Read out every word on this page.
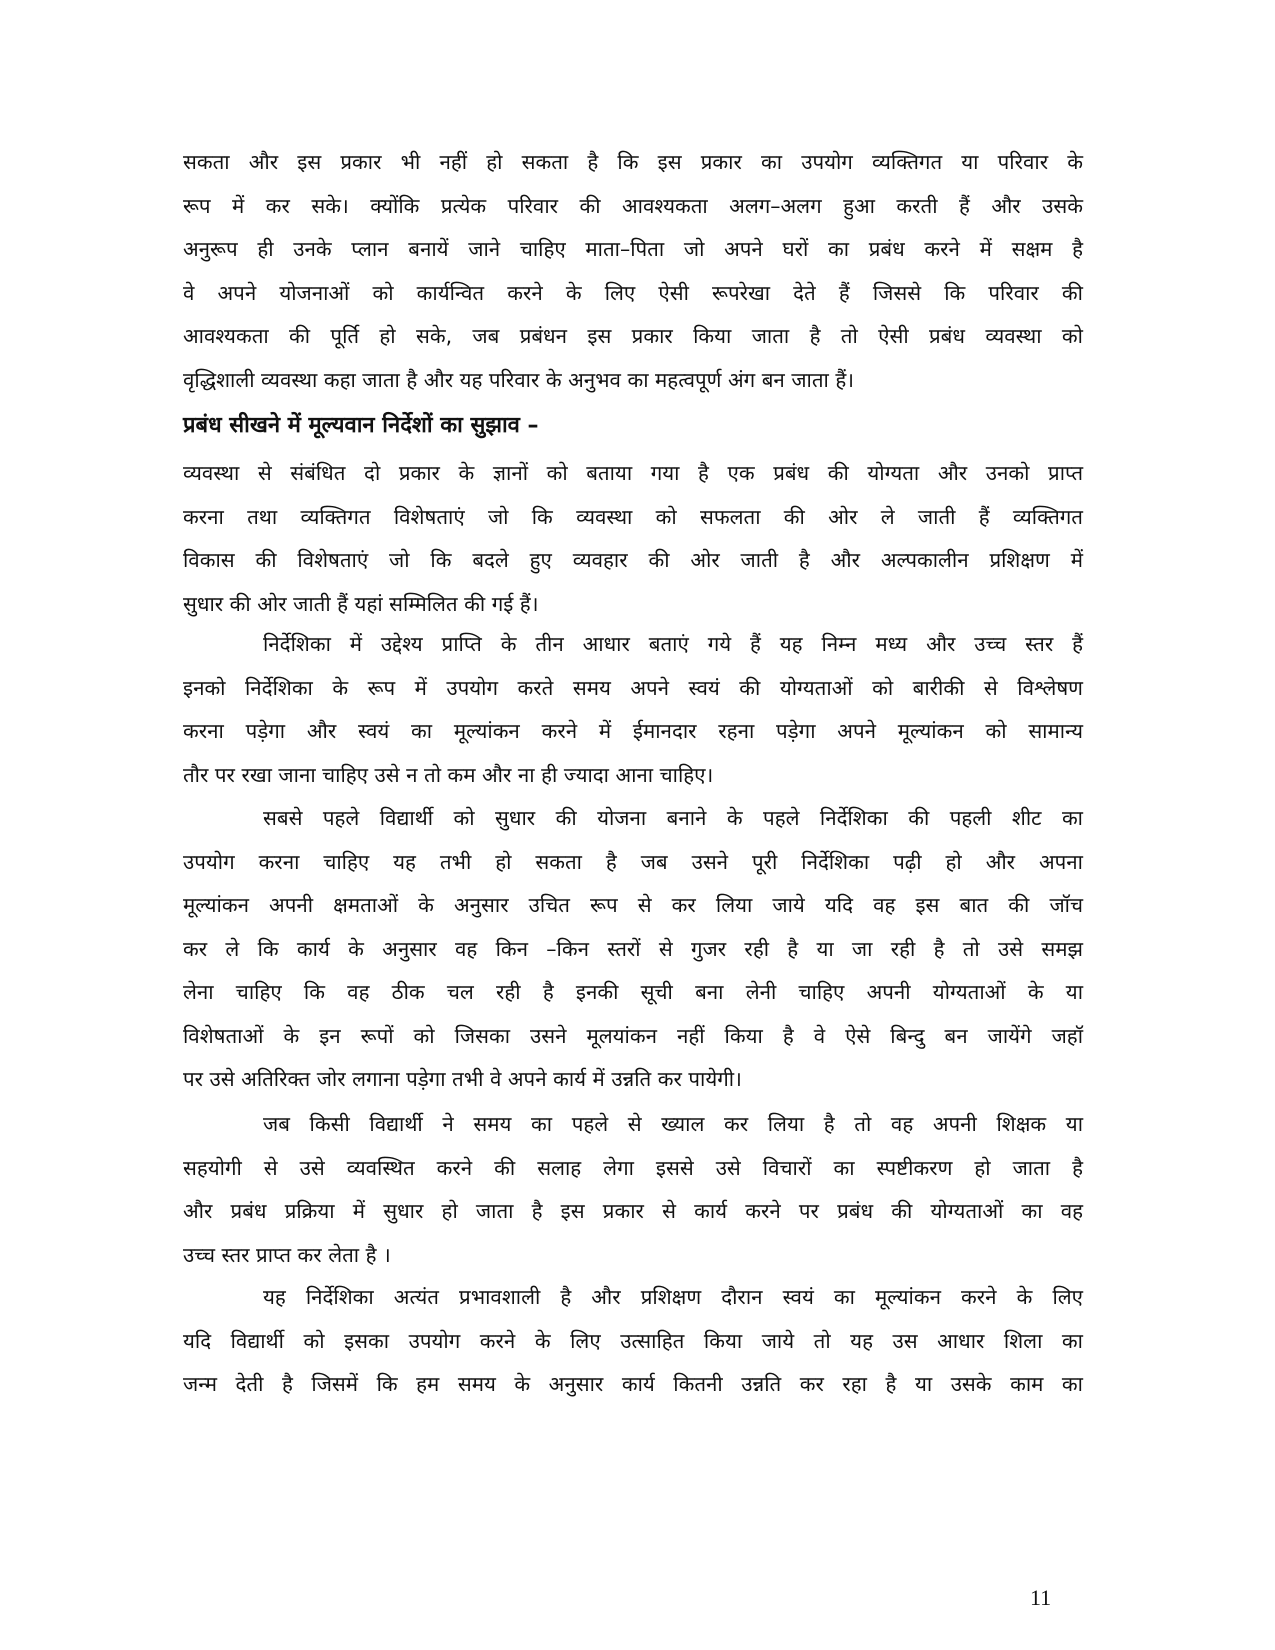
सकता और इस प्रकार भी नहीं हो सकता है कि इस प्रकार का उपयोग व्यक्तिगत या परिवार के
रूप में कर सके। क्योंकि प्रत्येक परिवार की आवश्यकता अलग–अलग हुआ करती हैं और उसके
अनुरूप ही उनके प्लान बनायें जाने चाहिए माता–पिता जो अपने घरों का प्रबंध करने में सक्षम है
वे अपने योजनाओं को कार्यन्वित करने के लिए ऐसी रूपरेखा देते हैं जिससे कि परिवार की
आवश्यकता की पूर्ति हो सके, जब प्रबंधन इस प्रकार किया जाता है तो ऐसी प्रबंध व्यवस्था को
वृद्धिशाली व्यवस्था कहा जाता है और यह परिवार के अनुभव का महत्वपूर्ण अंग बन जाता हैं।
प्रबंध सीखने में मूल्यवान निर्देशों का सुझाव –
व्यवस्था से संबंधित दो प्रकार के ज्ञानों को बताया गया है एक प्रबंध की योग्यता और उनको प्राप्त
करना तथा व्यक्तिगत विशेषताएं जो कि व्यवस्था को सफलता की ओर ले जाती हैं व्यक्तिगत
विकास की विशेषताएं जो कि बदले हुए व्यवहार की ओर जाती है और अल्पकालीन प्रशिक्षण में
सुधार की ओर जाती हैं यहां सम्मिलित की गई हैं।
निर्देशिका में उद्देश्य प्राप्ति के तीन आधार बताएं गये हैं यह निम्न मध्य और उच्च स्तर हैं
इनको निर्देशिका के रूप में उपयोग करते समय अपने स्वयं की योग्यताओं को बारीकी से विश्लेषण
करना पड़ेगा और स्वयं का मूल्यांकन करने में ईमानदार रहना पड़ेगा अपने मूल्यांकन को सामान्य
तौर पर रखा जाना चाहिए उसे न तो कम और ना ही ज्यादा आना चाहिए।
सबसे पहले विद्यार्थी को सुधार की योजना बनाने के पहले निर्देशिका की पहली शीट का
उपयोग करना चाहिए यह तभी हो सकता है जब उसने पूरी निर्देशिका पढ़ी हो और अपना
मूल्यांकन अपनी क्षमताओं के अनुसार उचित रूप से कर लिया जाये यदि वह इस बात की जॉच
कर ले कि कार्य के अनुसार वह किन –किन स्तरों से गुजर रही है या जा रही है तो उसे समझ
लेना चाहिए कि वह ठीक चल रही है इनकी सूची बना लेनी चाहिए अपनी योग्यताओं के या
विशेषताओं के इन रूपों को जिसका उसने मूलयांकन नहीं किया है वे ऐसे बिन्दु बन जायेंगे जहॉ
पर उसे अतिरिक्त जोर लगाना पड़ेगा तभी वे अपने कार्य में उन्नति कर पायेगी।
जब किसी विद्यार्थी ने समय का पहले से ख्याल कर लिया है तो वह अपनी शिक्षक या
सहयोगी से उसे व्यवस्थित करने की सलाह लेगा इससे उसे विचारों का स्पष्टीकरण हो जाता है
और प्रबंध प्रक्रिया में सुधार हो जाता है इस प्रकार से कार्य करने पर प्रबंध की योग्यताओं का वह
उच्च स्तर प्राप्त कर लेता है ।
यह निर्देशिका अत्यंत प्रभावशाली है और प्रशिक्षण दौरान स्वयं का मूल्यांकन करने के लिए
यदि विद्यार्थी को इसका उपयोग करने के लिए उत्साहित किया जाये तो यह उस आधार शिला का
जन्म देती है जिसमें कि हम समय के अनुसार कार्य कितनी उन्नति कर रहा है या उसके काम का
11
